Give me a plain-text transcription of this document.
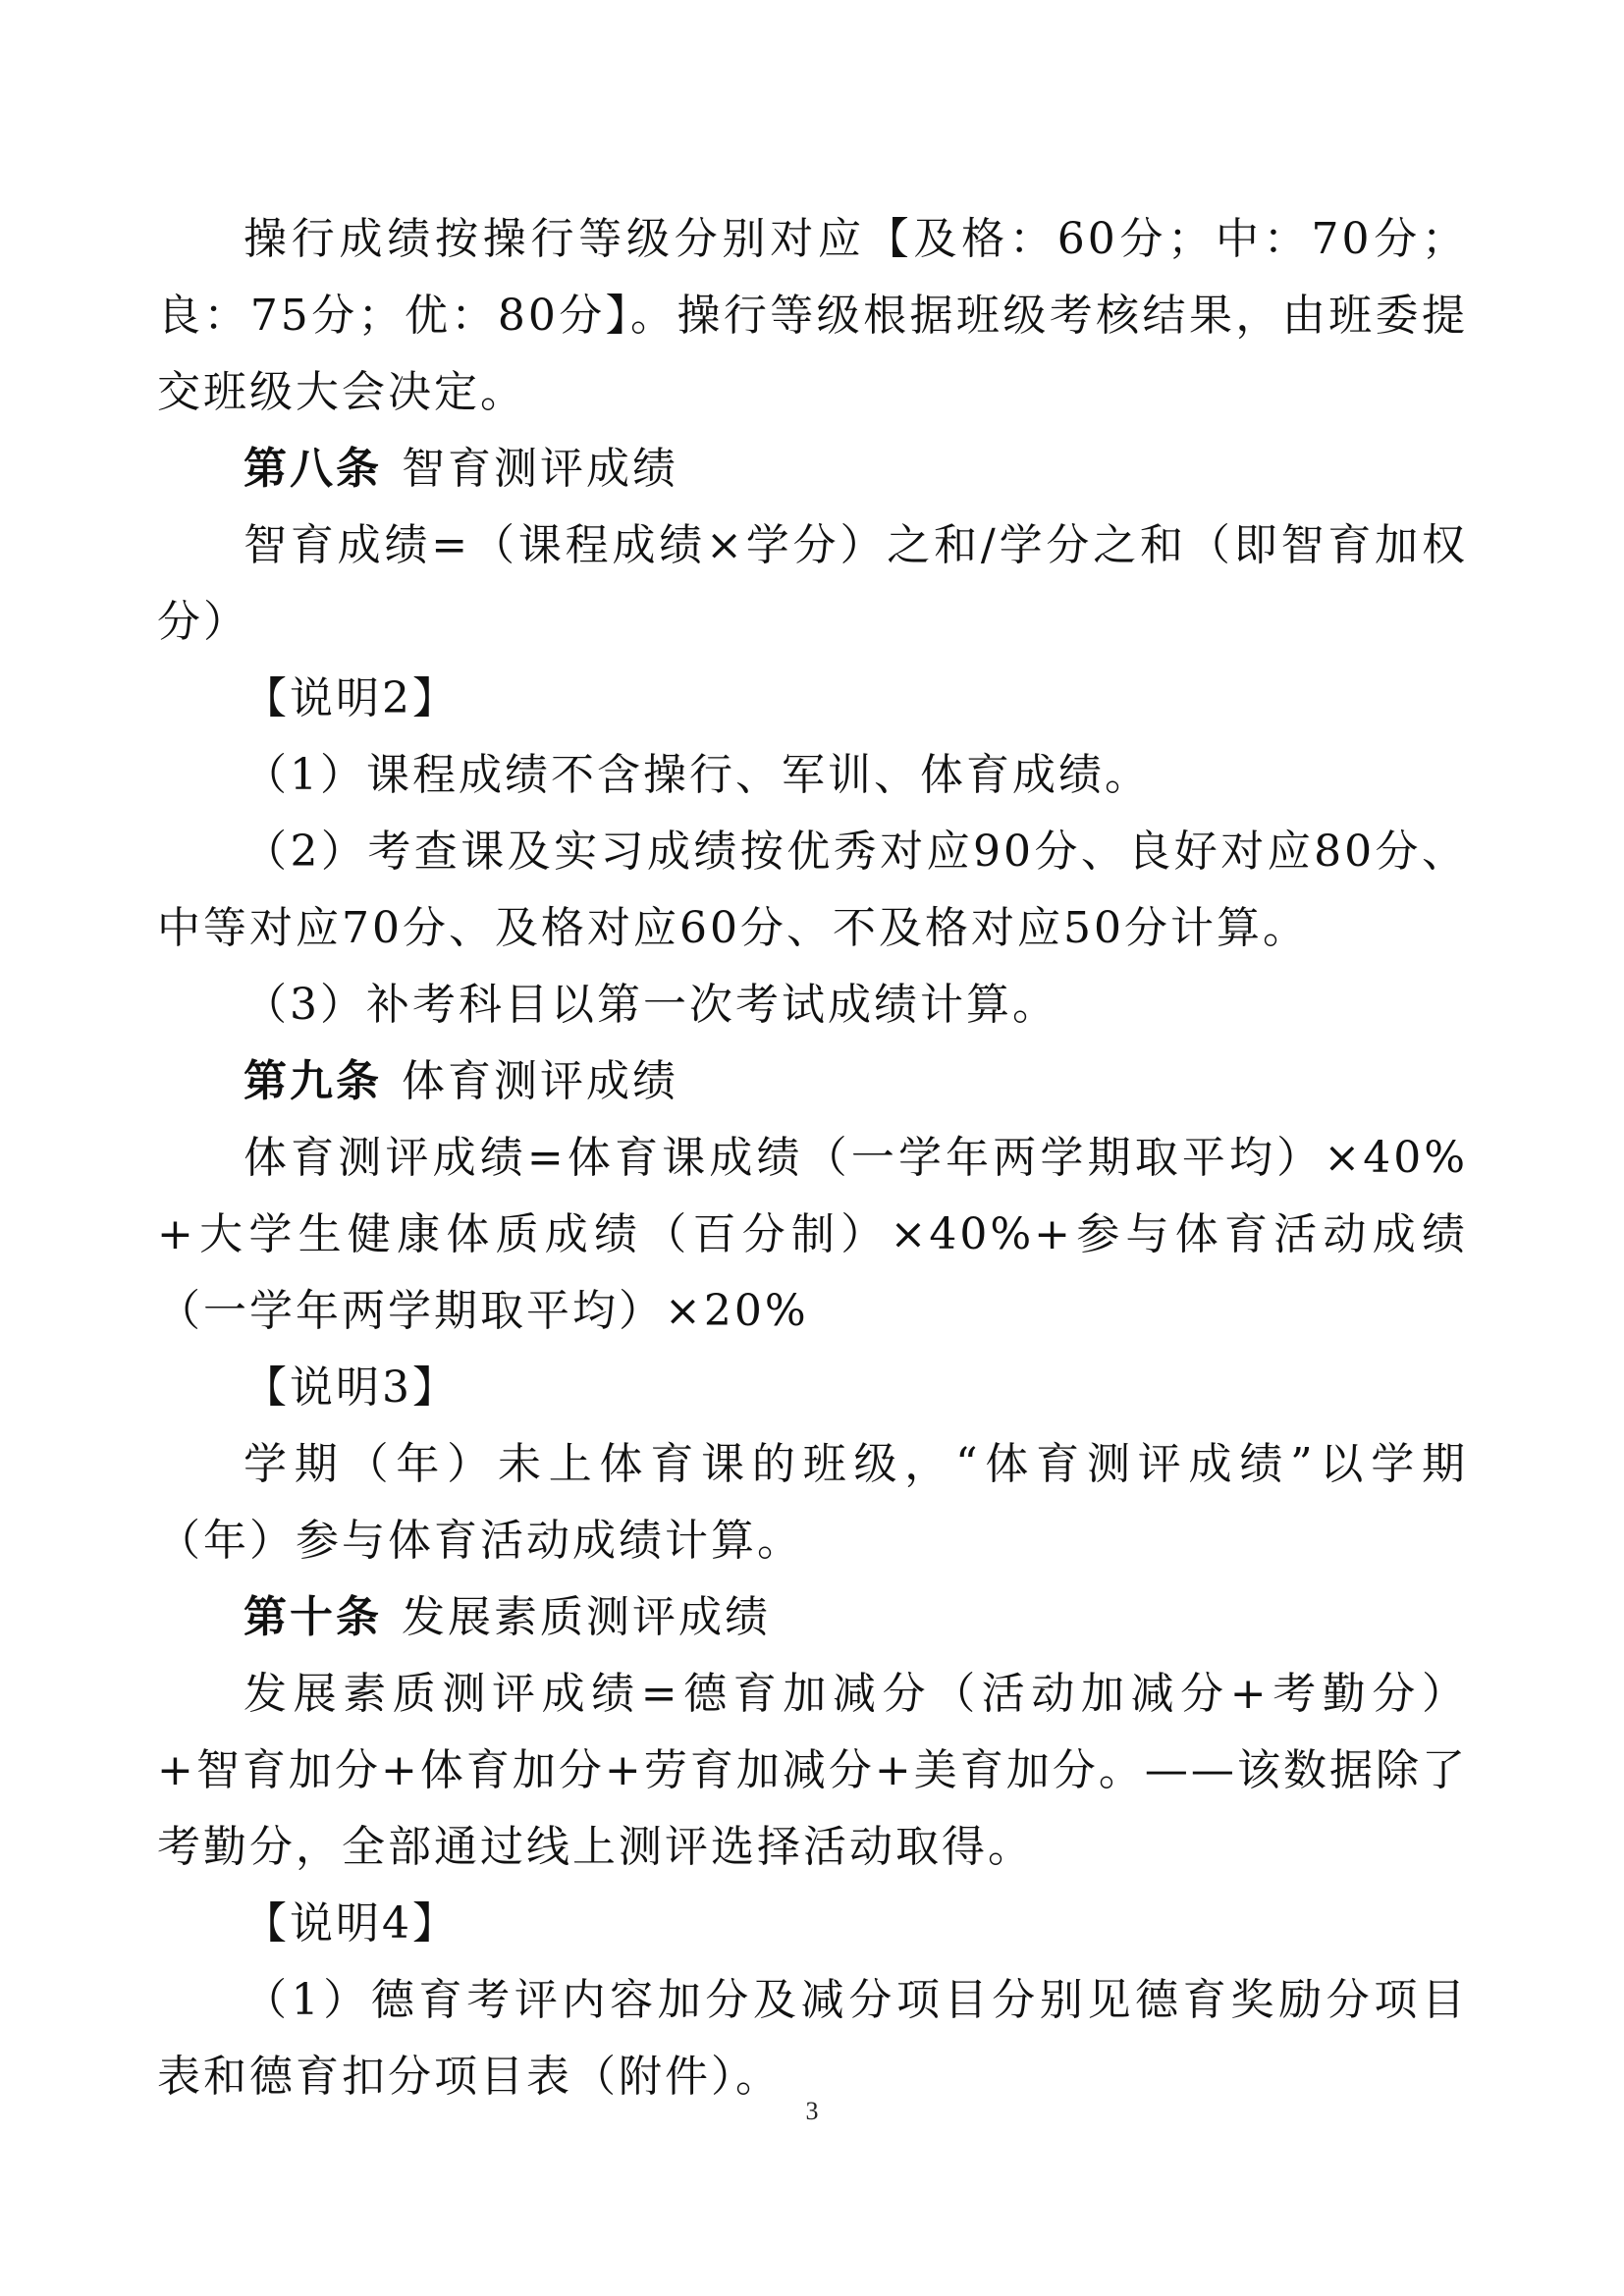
操行成绩按操行等级分别对应【及格：60分；中：70分；良：75分；优：80分】。操行等级根据班级考核结果，由班委提交班级大会决定。

第八条 智育测评成绩

智育成绩=（课程成绩×学分）之和/学分之和（即智育加权分）

【说明2】

（1）课程成绩不含操行、军训、体育成绩。

（2）考查课及实习成绩按优秀对应90分、良好对应80分、中等对应70分、及格对应60分、不及格对应50分计算。

（3）补考科目以第一次考试成绩计算。

第九条 体育测评成绩

体育测评成绩=体育课成绩（一学年两学期取平均）×40%+大学生健康体质成绩（百分制）×40%+参与体育活动成绩（一学年两学期取平均）×20%

【说明3】

学期（年）未上体育课的班级，“体育测评成绩”以学期（年）参与体育活动成绩计算。

第十条 发展素质测评成绩

发展素质测评成绩=德育加减分（活动加减分+考勤分）+智育加分+体育加分+劳育加减分+美育加分。——该数据除了考勤分，全部通过线上测评选择活动取得。

【说明4】

（1）德育考评内容加分及减分项目分别见德育奖励分项目表和德育扣分项目表（附件）。

3
